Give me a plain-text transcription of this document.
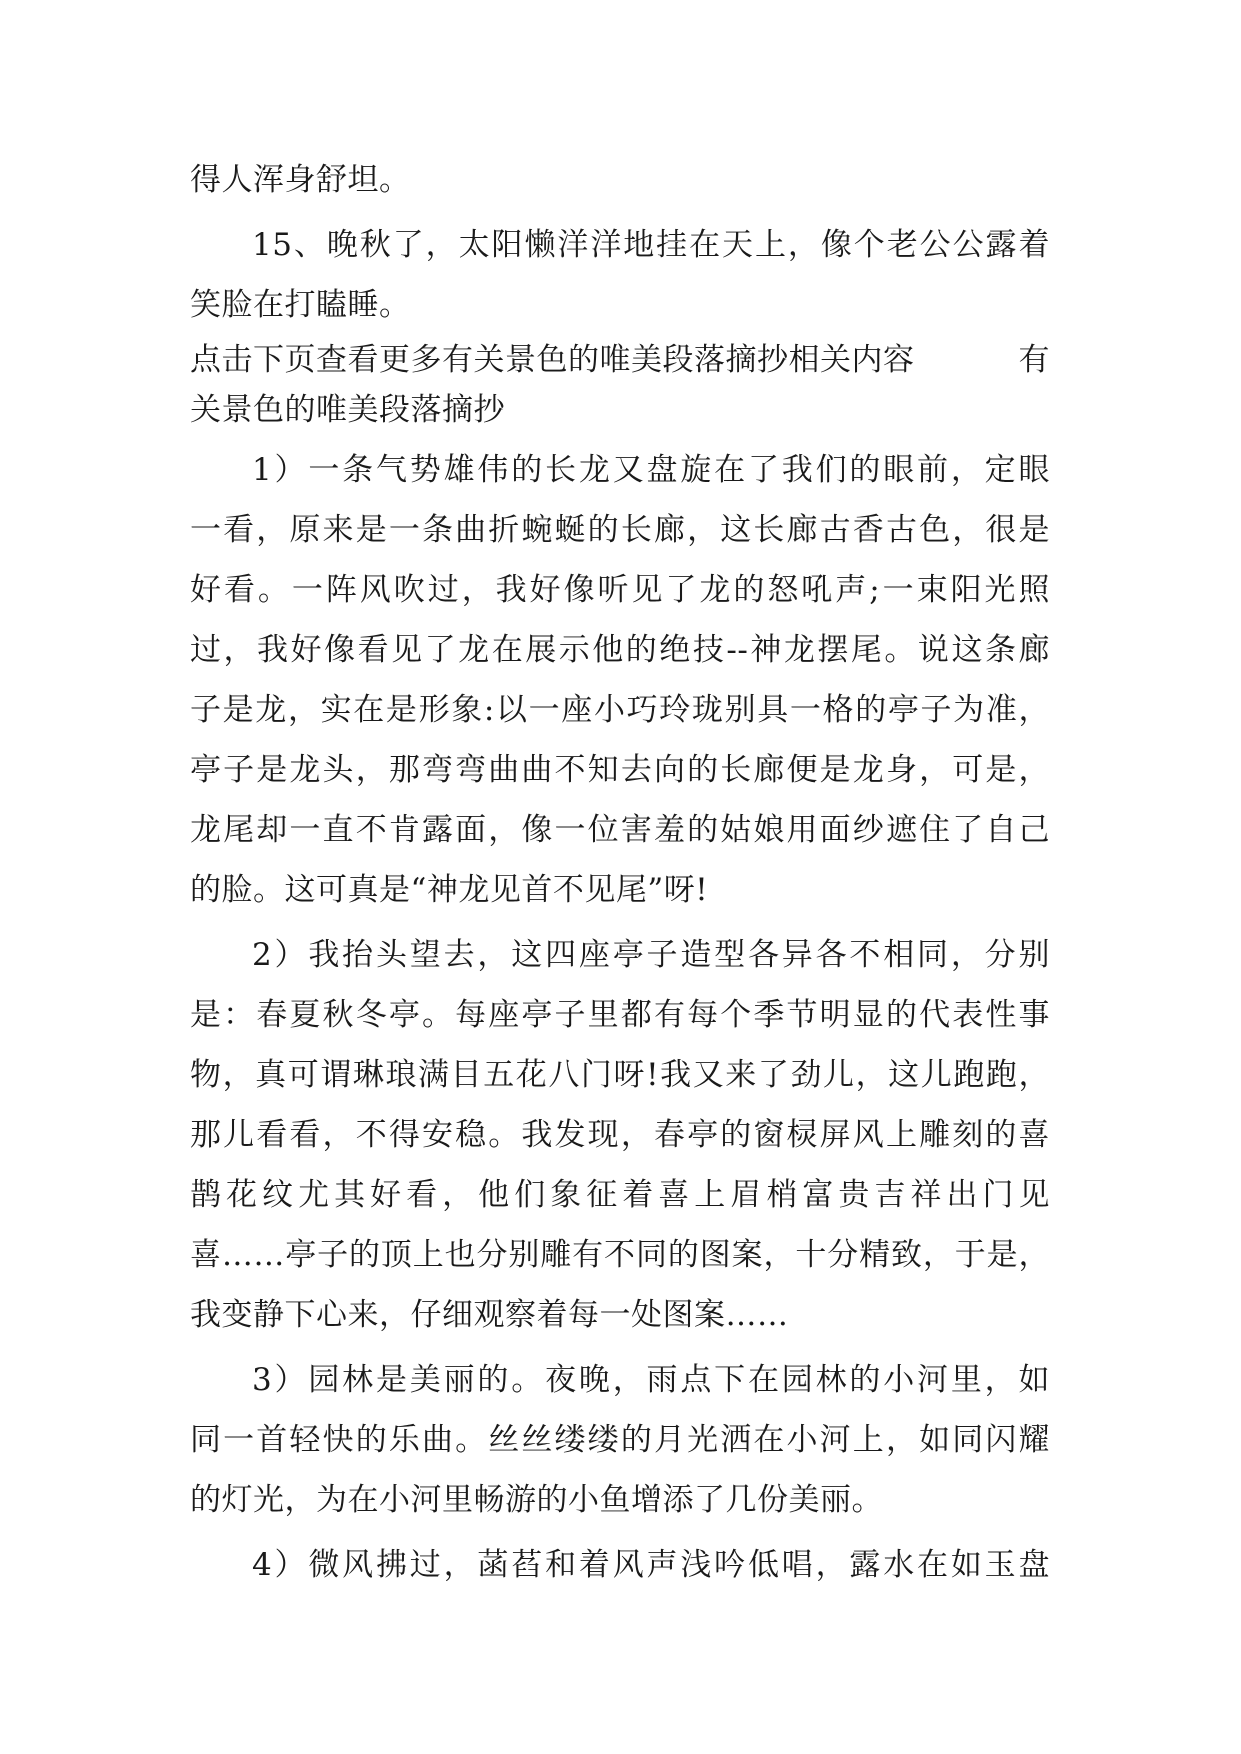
得人浑身舒坦。
15、晚秋了，太阳懒洋洋地挂在天上，像个老公公露着
笑脸在打瞌睡。
点击下页查看更多有关景色的唯美段落摘抄相关内容	有
关景色的唯美段落摘抄
1）一条气势雄伟的长龙又盘旋在了我们的眼前，定眼
一看，原来是一条曲折蜿蜒的长廊，这长廊古香古色，很是
好看。一阵风吹过，我好像听见了龙的怒吼声;一束阳光照
过，我好像看见了龙在展示他的绝技--神龙摆尾。说这条廊
子是龙，实在是形象:以一座小巧玲珑别具一格的亭子为准，
亭子是龙头，那弯弯曲曲不知去向的长廊便是龙身，可是，
龙尾却一直不肯露面，像一位害羞的姑娘用面纱遮住了自己
的脸。这可真是“神龙见首不见尾”呀!
2）我抬头望去，这四座亭子造型各异各不相同，分别
是：春夏秋冬亭。每座亭子里都有每个季节明显的代表性事
物，真可谓琳琅满目五花八门呀!我又来了劲儿，这儿跑跑，
那儿看看，不得安稳。我发现，春亭的窗棂屏风上雕刻的喜
鹊花纹尤其好看，他们象征着喜上眉梢富贵吉祥出门见
喜……亭子的顶上也分别雕有不同的图案，十分精致，于是，
我变静下心来，仔细观察着每一处图案……
3）园林是美丽的。夜晚，雨点下在园林的小河里，如
同一首轻快的乐曲。丝丝缕缕的月光洒在小河上，如同闪耀
的灯光，为在小河里畅游的小鱼增添了几份美丽。
4）微风拂过，菡萏和着风声浅吟低唱，露水在如玉盘
